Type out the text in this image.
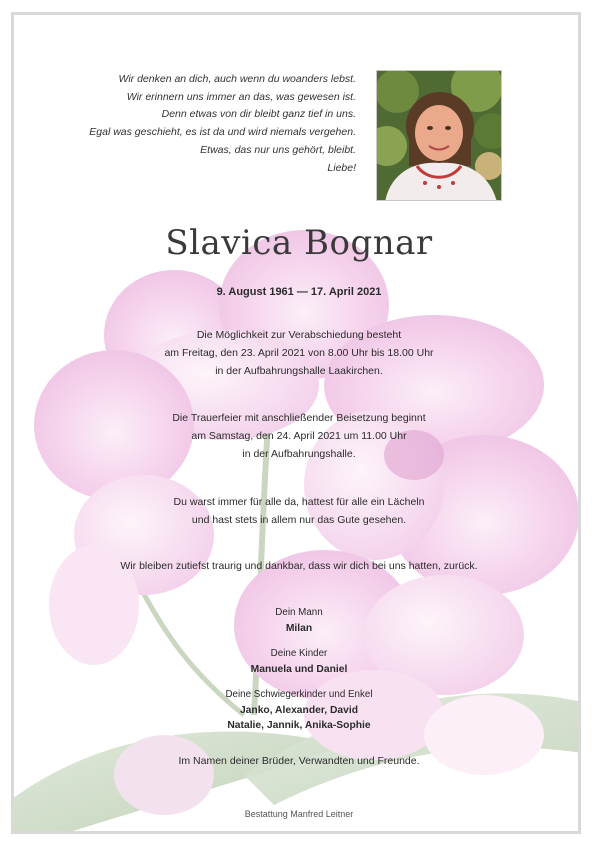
Wir denken an dich, auch wenn du woanders lebst.
Wir erinnern uns immer an das, was gewesen ist.
Denn etwas von dir bleibt ganz tief in uns.
Egal was geschieht, es ist da und wird niemals vergehen.
Etwas, das nur uns gehört, bleibt.
Liebe!
Slavica Bognar
9. August 1961 — 17. April 2021
Die Möglichkeit zur Verabschiedung besteht
am Freitag, den 23. April 2021 von 8.00 Uhr bis 18.00 Uhr
in der Aufbahrungshalle Laakirchen.
Die Trauerfeier mit anschließender Beisetzung beginnt
am Samstag, den 24. April 2021 um 11.00 Uhr
in der Aufbahrungshalle.
Du warst immer für alle da, hattest für alle ein Lächeln
und hast stets in allem nur das Gute gesehen.
Wir bleiben zutiefst traurig und dankbar, dass wir dich bei uns hatten, zurück.
Dein Mann
Milan
Deine Kinder
Manuela und Daniel
Deine Schwiegerkinder und Enkel
Janko, Alexander, David
Natalie, Jannik, Anika-Sophie
Im Namen deiner Brüder, Verwandten und Freunde.
Bestattung Manfred Leitner
